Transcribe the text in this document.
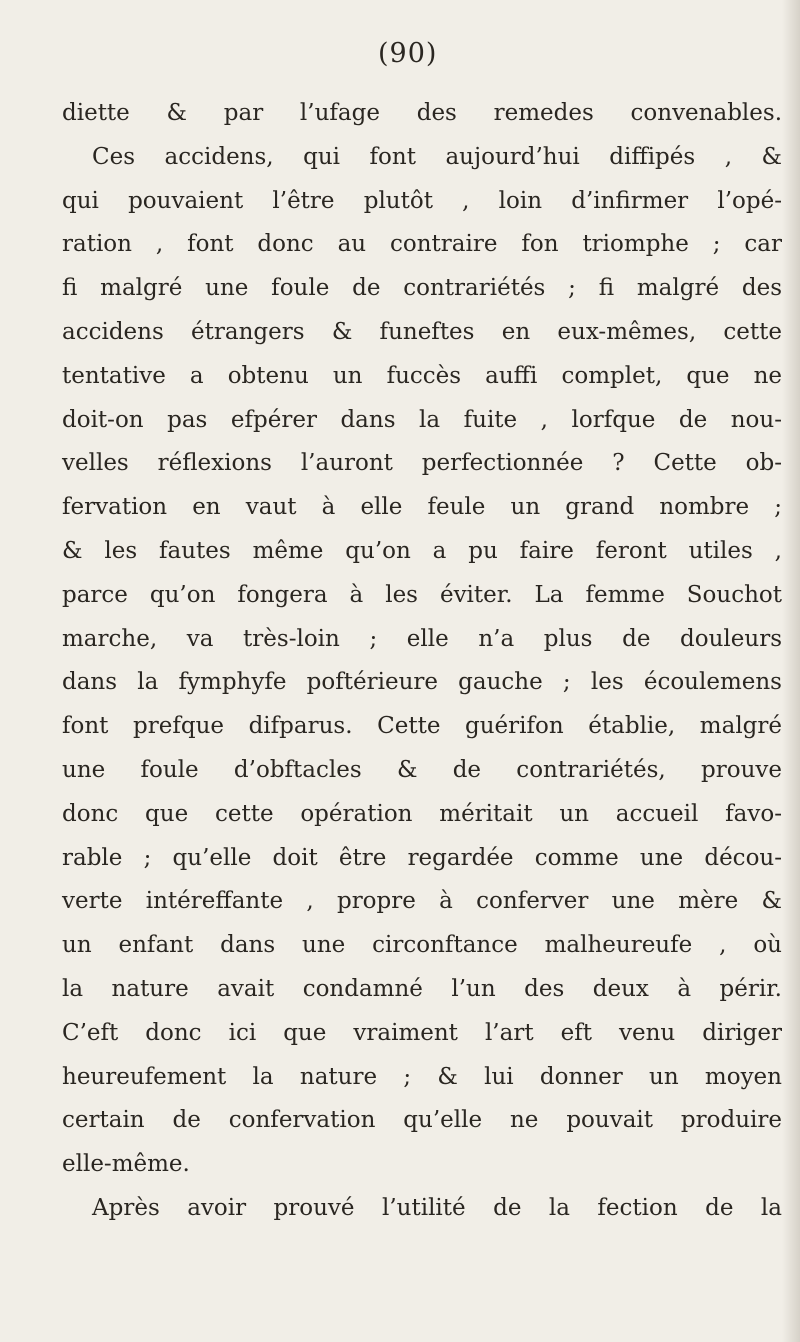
(90)
diette & par l’ufage des remedes convenables.
Ces accidens, qui font aujourd’hui diffipés , &
qui pouvaient l’être plutôt , loin d’infirmer l’opé-
ration , font donc au contraire fon triomphe ; car
fi malgré une foule de contrariétés ; fi malgré des
accidens étrangers & funeftes en eux-mêmes, cette
tentative a obtenu un fuccès auffi complet, que ne
doit-on pas efpérer dans la fuite , lorfque de nou-
velles réflexions l’auront perfectionnée ? Cette ob-
fervation en vaut à elle feule un grand nombre ;
& les fautes même qu’on a pu faire feront utiles ,
parce qu’on fongera à les éviter. La femme Souchot
marche, va très-loin ; elle n’a plus de douleurs
dans la fymphyfe poftérieure gauche ; les écoulemens
font prefque difparus. Cette guérifon établie, malgré
une foule d’obftacles & de contrariétés, prouve
donc que cette opération méritait un accueil favo-
rable ; qu’elle doit être regardée comme une décou-
verte intéreffante , propre à conferver une mère &
un enfant dans une circonftance malheureufe , où
la nature avait condamné l’un des deux à périr.
C’eft donc ici que vraiment l’art eft venu diriger
heureufement la nature ; & lui donner un moyen
certain de confervation qu’elle ne pouvait produire
elle-même.
Après avoir prouvé l’utilité de la fection de la
